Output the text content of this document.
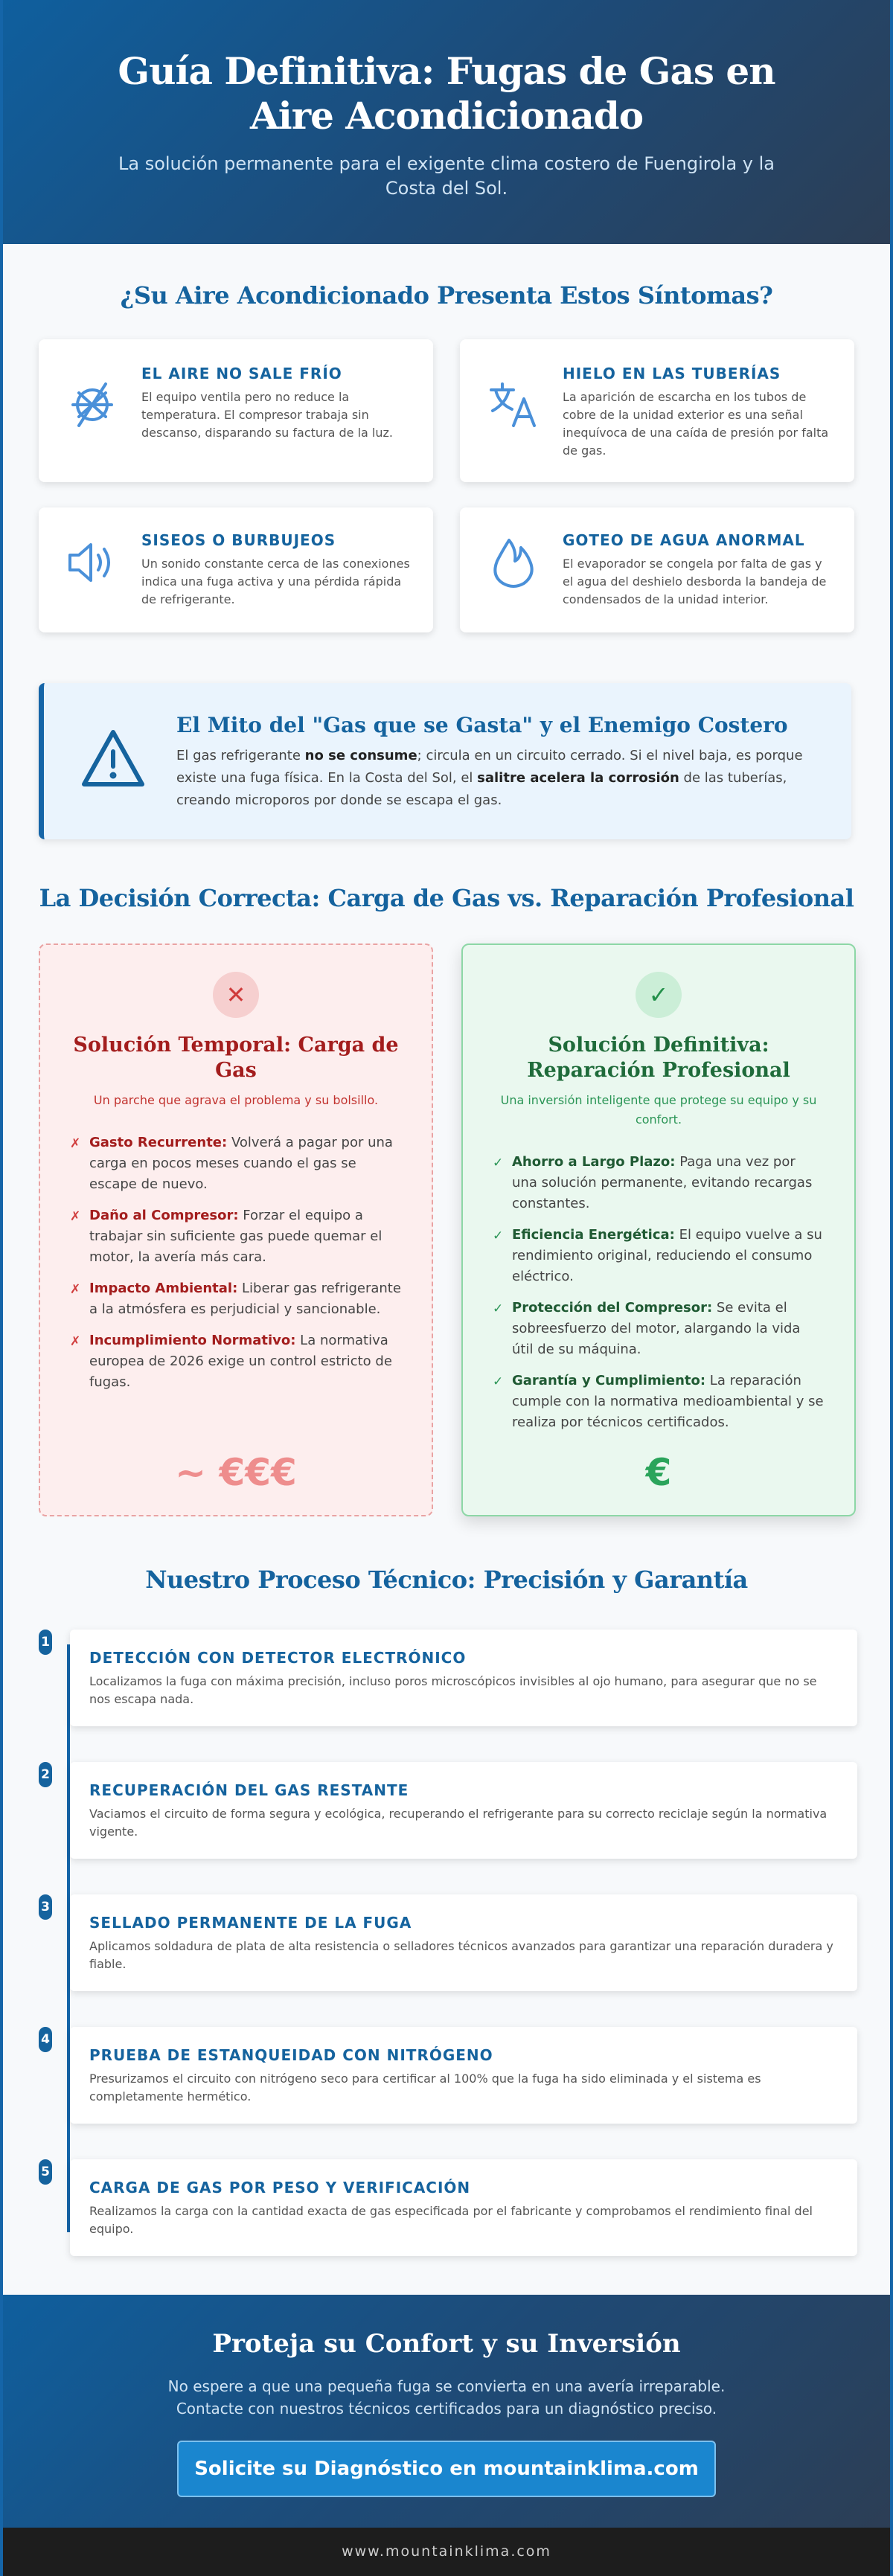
Guía Definitiva: Fugas de Gas en Aire Acondicionado

La solución permanente para el exigente clima costero de Fuengirola y la Costa del Sol.

¿Su Aire Acondicionado Presenta Estos Síntomas?
EL AIRE NO SALE FRÍO
El equipo ventila pero no reduce la temperatura. El compresor trabaja sin descanso, disparando su factura de la luz.
HIELO EN LAS TUBERÍAS
La aparición de escarcha en los tubos de cobre de la unidad exterior es una señal inequívoca de una caída de presión por falta de gas.
SISEOS O BURBUJEOS
Un sonido constante cerca de las conexiones indica una fuga activa y una pérdida rápida de refrigerante.
GOTEO DE AGUA ANORMAL
El evaporador se congela por falta de gas y el agua del deshielo desborda la bandeja de condensados de la unidad interior.
El Mito del "Gas que se Gasta" y el Enemigo Costero

El gas refrigerante no se consume; circula en un circuito cerrado. Si el nivel baja, es porque existe una fuga física. En la Costa del Sol, el salitre acelera la corrosión de las tuberías, creando microporos por donde se escapa el gas.

La Decisión Correcta: Carga de Gas vs. Reparación Profesional
✕
Solución Temporal: Carga de Gas
Un parche que agrava el problema y su bolsillo.
✗ Gasto Recurrente: Volverá a pagar por una carga en pocos meses cuando el gas se escape de nuevo.
✗ Daño al Compresor: Forzar el equipo a trabajar sin suficiente gas puede quemar el motor, la avería más cara.
✗ Impacto Ambiental: Liberar gas refrigerante a la atmósfera es perjudicial y sancionable.
✗ Incumplimiento Normativo: La normativa europea de 2026 exige un control estricto de fugas.
~ €€€
✓
Solución Definitiva: Reparación Profesional
Una inversión inteligente que protege su equipo y su confort.
✓ Ahorro a Largo Plazo: Paga una vez por una solución permanente, evitando recargas constantes.
✓ Eficiencia Energética: El equipo vuelve a su rendimiento original, reduciendo el consumo eléctrico.
✓ Protección del Compresor: Se evita el sobreesfuerzo del motor, alargando la vida útil de su máquina.
✓ Garantía y Cumplimiento: La reparación cumple con la normativa medioambiental y se realiza por técnicos certificados.
€
Nuestro Proceso Técnico: Precisión y Garantía
1
DETECCIÓN CON DETECTOR ELECTRÓNICO
Localizamos la fuga con máxima precisión, incluso poros microscópicos invisibles al ojo humano, para asegurar que no se nos escapa nada.
2
RECUPERACIÓN DEL GAS RESTANTE
Vaciamos el circuito de forma segura y ecológica, recuperando el refrigerante para su correcto reciclaje según la normativa vigente.
3
SELLADO PERMANENTE DE LA FUGA
Aplicamos soldadura de plata de alta resistencia o selladores técnicos avanzados para garantizar una reparación duradera y fiable.
4
PRUEBA DE ESTANQUEIDAD CON NITRÓGENO
Presurizamos el circuito con nitrógeno seco para certificar al 100% que la fuga ha sido eliminada y el sistema es completamente hermético.
5
CARGA DE GAS POR PESO Y VERIFICACIÓN
Realizamos la carga con la cantidad exacta de gas especificada por el fabricante y comprobamos el rendimiento final del equipo.
Proteja su Confort y su Inversión

No espere a que una pequeña fuga se convierta en una avería irreparable.
Contacte con nuestros técnicos certificados para un diagnóstico preciso.

Solicite su Diagnóstico en mountainklima.com
www.mountainklima.com
